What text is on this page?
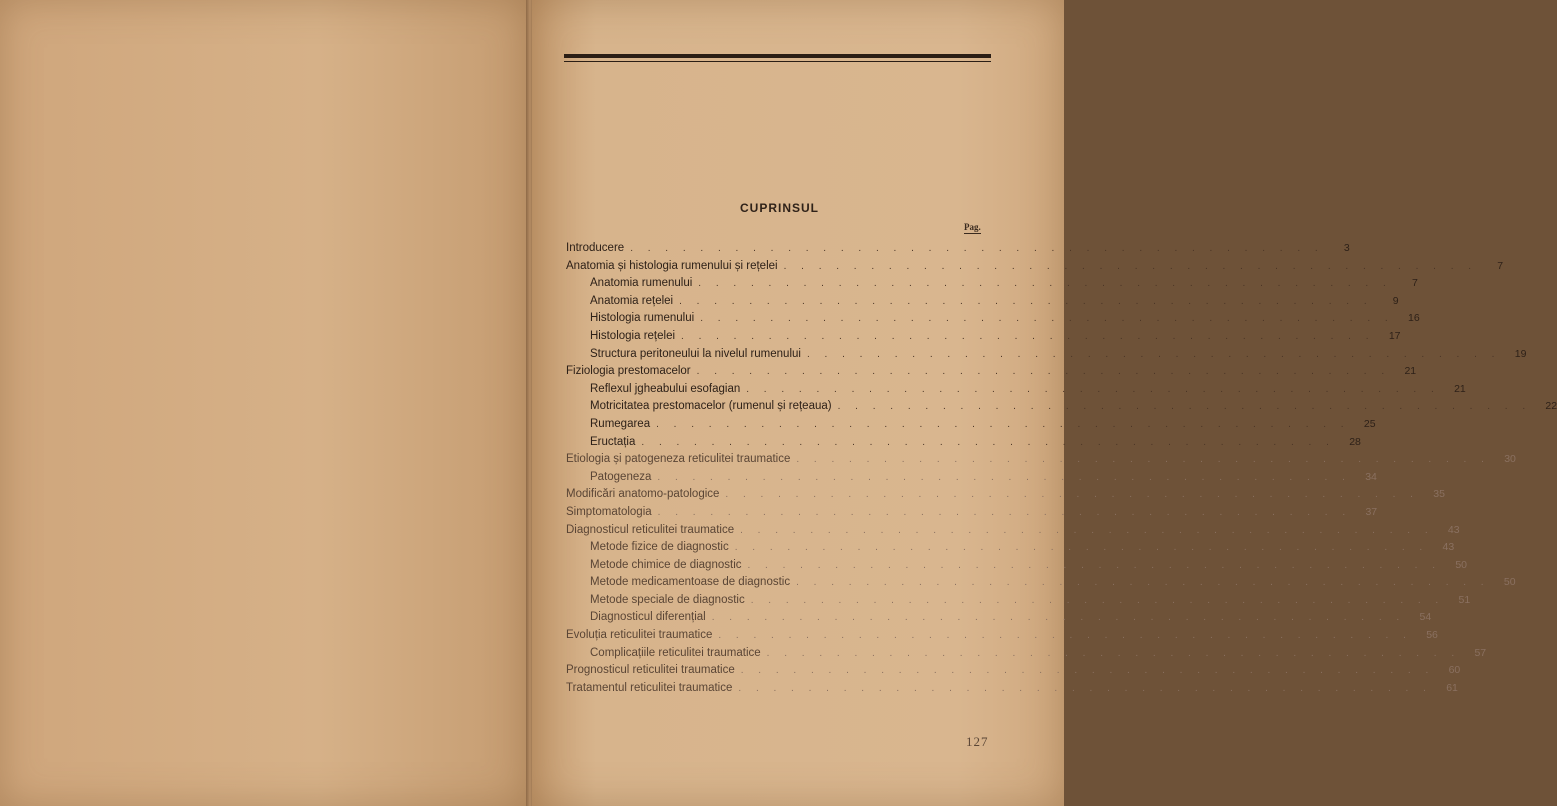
CUPRINSUL
Pag.
Introducere . . . . . . . . . . . . . . . . . . . . . . . . . . . . . . . . . . . . . . . .	3
Anatomia și histologia rumenului și rețelei . . . . . . . . . . . . . . . . . . . . . . . . . . . . . . . . . . . . . . . .	7
Anatomia rumenului . . . . . . . . . . . . . . . . . . . . . . . . . . . . . . . . . . . . . . . .	7
Anatomia rețelei . . . . . . . . . . . . . . . . . . . . . . . . . . . . . . . . . . . . . . . .	9
Histologia rumenului . . . . . . . . . . . . . . . . . . . . . . . . . . . . . . . . . . . . . . . .	16
Histologia rețelei . . . . . . . . . . . . . . . . . . . . . . . . . . . . . . . . . . . . . . . .	17
Structura peritoneului la nivelul rumenului . . . . . . . . . . . . . . . . . . . . . . . . . . . . . . . . . . . . . . . .	19
Fiziologia prestomacelor . . . . . . . . . . . . . . . . . . . . . . . . . . . . . . . . . . . . . . . .	21
Reflexul jgheabului esofagian . . . . . . . . . . . . . . . . . . . . . . . . . . . . . . . . . . . . . . . .	21
Motricitatea prestomacelor (rumenul și rețeaua) . . . . . . . . . . . . . . . . . . . . . . . . . . . . . . . . . . . . . . . .	22
Rumegarea . . . . . . . . . . . . . . . . . . . . . . . . . . . . . . . . . . . . . . . .	25
Eructația . . . . . . . . . . . . . . . . . . . . . . . . . . . . . . . . . . . . . . . .	28
Etiologia și patogeneza reticulitei traumatice . . . . . . . . . . . . . . . . . . . . . . . . . . . . . . . . . . . . . . . .	30
Patogeneza . . . . . . . . . . . . . . . . . . . . . . . . . . . . . . . . . . . . . . . .	34
Modificări anatomo-patologice . . . . . . . . . . . . . . . . . . . . . . . . . . . . . . . . . . . . . . . .	35
Simptomatologia . . . . . . . . . . . . . . . . . . . . . . . . . . . . . . . . . . . . . . . .	37
Diagnosticul reticulitei traumatice . . . . . . . . . . . . . . . . . . . . . . . . . . . . . . . . . . . . . . . .	43
Metode fizice de diagnostic . . . . . . . . . . . . . . . . . . . . . . . . . . . . . . . . . . . . . . . .	43
Metode chimice de diagnostic . . . . . . . . . . . . . . . . . . . . . . . . . . . . . . . . . . . . . . . .	50
Metode medicamentoase de diagnostic . . . . . . . . . . . . . . . . . . . . . . . . . . . . . . . . . . . . . . . .	50
Metode speciale de diagnostic . . . . . . . . . . . . . . . . . . . . . . . . . . . . . . . . . . . . . . . .	51
Diagnosticul diferențial . . . . . . . . . . . . . . . . . . . . . . . . . . . . . . . . . . . . . . . .	54
Evoluția reticulitei traumatice . . . . . . . . . . . . . . . . . . . . . . . . . . . . . . . . . . . . . . . .	56
Complicațiile reticulitei traumatice . . . . . . . . . . . . . . . . . . . . . . . . . . . . . . . . . . . . . . . .	57
Prognosticul reticulitei traumatice . . . . . . . . . . . . . . . . . . . . . . . . . . . . . . . . . . . . . . . .	60
Tratamentul reticulitei traumatice . . . . . . . . . . . . . . . . . . . . . . . . . . . . . . . . . . . . . . . .	61
127
